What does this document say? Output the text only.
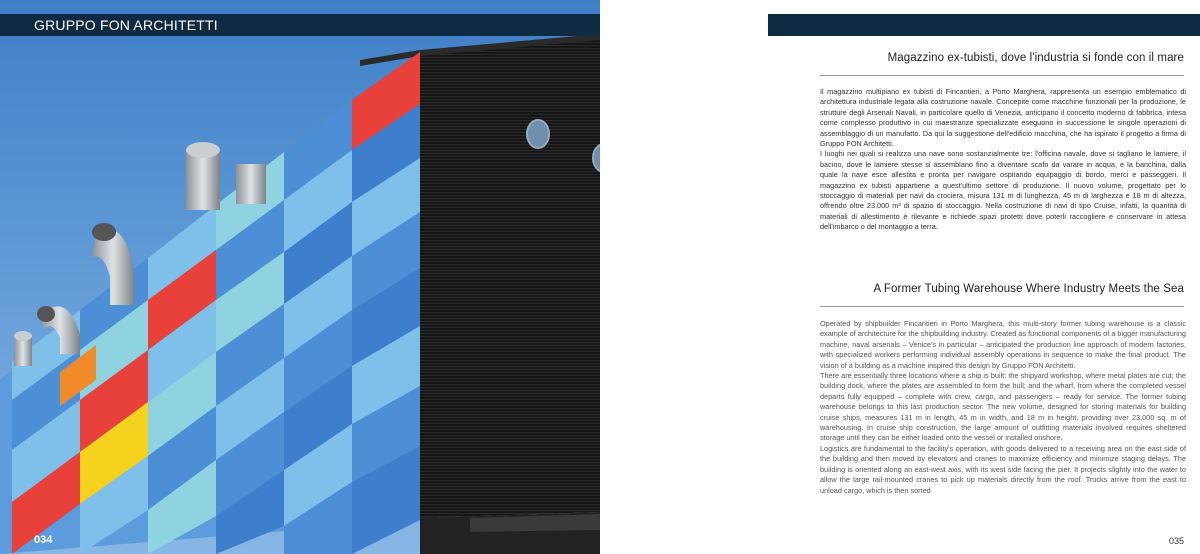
GRUPPO FON ARCHITETTI
034
Magazzino ex-tubisti, dove l'industria si fonde con il mare

Il magazzino multipiano ex tubisti di Fincantieri, a Porto Marghera, rappresenta un esempio emblematico di architettura industriale legata alla costruzione navale. Concepite come macchine funzionali per la produzione, le strutture degli Arsenali Navali, in particolare quello di Venezia, anticipano il concetto moderno di fabbrica, intesa come complesso produttivo in cui maestranze specializzate eseguono in successione le singole operazioni di assemblaggio di un manufatto. Da qui la suggestione dell'edificio macchina, che ha ispirato il progetto a firma di Gruppo FON Architetti.

I luoghi nei quali si realizza una nave sono sostanzialmente tre: l'officina navale, dove si tagliano le lamiere, il bacino, dove le lamiere stesse si assemblano fino a diventare scafo da varare in acqua, e la banchina, dalla quale la nave esce allestita e pronta per navigare ospitando equipaggio di bordo, merci e passeggeri. Il magazzino ex tubisti appartiene a quest'ultimo settore di produzione. Il nuovo volume, progettato per lo stoccaggio di materiali per navi da crociera, misura 131 m di lunghezza, 45 m di larghezza e 18 m di altezza, offrendo oltre 23.000 m³ di spazio di stoccaggio. Nella costruzione di navi di tipo Cruise, infatti, la quantità di materiali di allestimento è rilevante e richiede spazi protetti dove poterli raccogliere e conservare in attesa dell'imbarco o del montaggio a terra.

A Former Tubing Warehouse Where Industry Meets the Sea

Operated by shipbuilder Fincantieri in Porto Marghera, this multi-story former tubing warehouse is a classic example of architecture for the shipbuilding industry. Created as functional components of a bigger manufacturing machine, naval arsenals – Venice's in particular – anticipated the production line approach of modern factories, with specialized workers performing individual assembly operations in sequence to make the final product. The vision of a building as a machine inspired this design by Gruppo FON Architetti.

There are essentially three locations where a ship is built: the shipyard workshop, where metal plates are cut; the building dock, where the plates are assembled to form the hull; and the wharf, from where the completed vessel departs fully equipped – complete with crew, cargo, and passengers – ready for service. The former tubing warehouse belongs to this last production sector. The new volume, designed for storing materials for building cruise ships, measures 131 m in length, 45 m in width, and 18 m in height, providing over 23,000 sq. m of warehousing. In cruise ship construction, the large amount of outfitting materials involved requires sheltered storage until they can be either loaded onto the vessel or installed onshore.

Logistics are fundamental to the facility's operation, with goods delivered to a receiving area on the east side of the building and then moved by elevators and cranes to maximize efficiency and minimize staging delays. The building is oriented along an east-west axis, with its west side facing the pier. It projects slightly into the water to allow the large rail-mounted cranes to pick up materials directly from the roof. Trucks arrive from the east to unload cargo, which is then sorted

035
